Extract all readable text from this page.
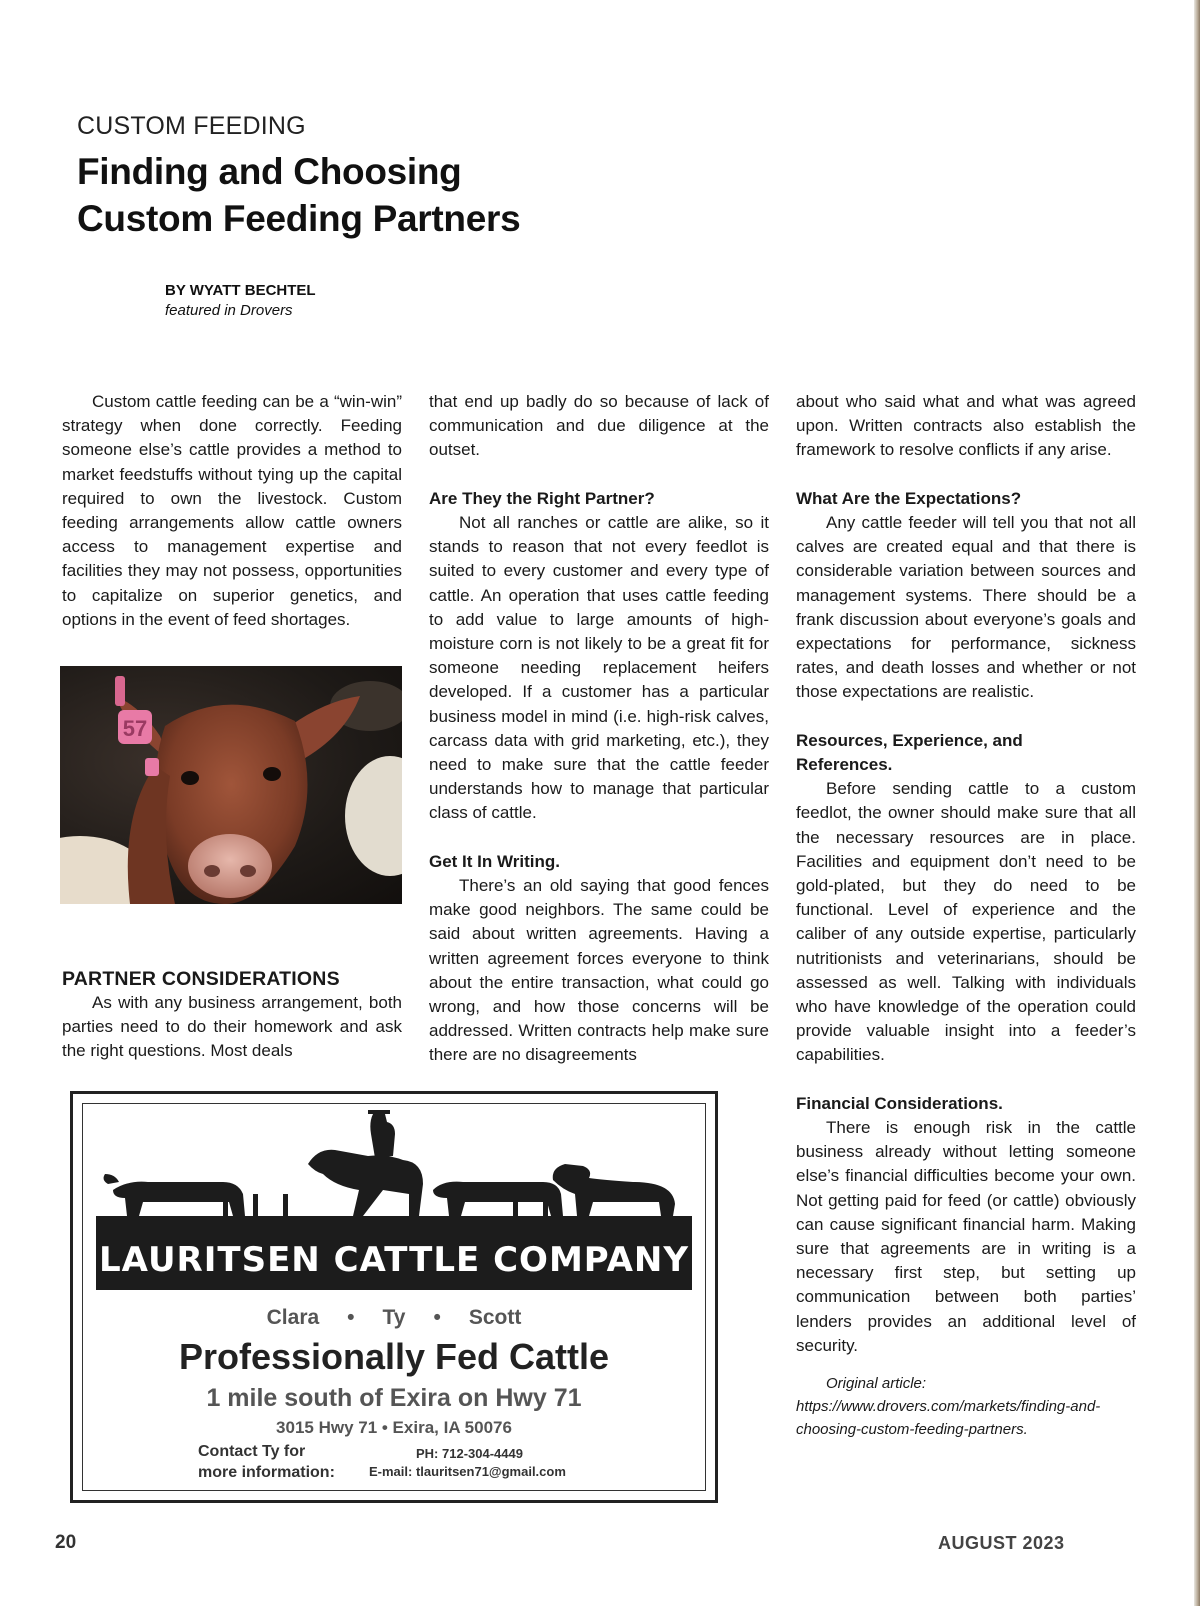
CUSTOM FEEDING
Finding and Choosing
Custom Feeding Partners
BY WYATT BECHTEL
featured in Drovers

Custom cattle feeding can be a “win-win” strategy when done correctly. Feeding someone else’s cattle provides a method to market feedstuffs without tying up the capital required to own the livestock. Custom feeding arrangements allow cattle owners access to management expertise and facilities they may not possess, opportunities to capitalize on superior genetics, and options in the event of feed shortages.

57

PARTNER CONSIDERATIONS

As with any business arrangement, both parties need to do their homework and ask the right questions. Most deals

that end up badly do so because of lack of communication and due diligence at the outset.

Are They the Right Partner?

Not all ranches or cattle are alike, so it stands to reason that not every feedlot is suited to every customer and every type of cattle. An operation that uses cattle feeding to add value to large amounts of high-moisture corn is not likely to be a great fit for someone needing replacement heifers developed. If a customer has a particular business model in mind (i.e. high-risk calves, carcass data with grid marketing, etc.), they need to make sure that the cattle feeder understands how to manage that particular class of cattle.

Get It In Writing.

There’s an old saying that good fences make good neighbors. The same could be said about written agreements. Having a written agreement forces everyone to think about the entire transaction, what could go wrong, and how those concerns will be addressed. Written contracts help make sure there are no disagreements

about who said what and what was agreed upon. Written contracts also establish the framework to resolve conflicts if any arise.

What Are the Expectations?

Any cattle feeder will tell you that not all calves are created equal and that there is considerable variation between sources and management systems. There should be a frank discussion about everyone’s goals and expectations for performance, sickness rates, and death losses and whether or not those expectations are realistic.

Resources, Experience, and

References.

Before sending cattle to a custom feedlot, the owner should make sure that all the necessary resources are in place. Facilities and equipment don’t need to be gold-plated, but they do need to be functional. Level of experience and the caliber of any outside expertise, particularly nutritionists and veterinarians, should be assessed as well. Talking with individuals who have knowledge of the operation could provide valuable insight into a feeder’s capabilities.

Financial Considerations.

There is enough risk in the cattle business already without letting someone else’s financial difficulties become your own. Not getting paid for feed (or cattle) obviously can cause significant financial harm. Making sure that agreements are in writing is a necessary first step, but setting up communication between both parties’ lenders provides an additional level of security.

Original article: https://www.drovers.com/markets/finding-and-choosing-custom-feeding-partners.

LAURITSEN CATTLE COMPANY
Clara • Ty • Scott
Professionally Fed Cattle
1 mile south of Exira on Hwy 71
3015 Hwy 71 • Exira, IA 50076
Contact Ty for
more information:
PH: 712-304-4449
E-mail: tlauritsen71@gmail.com
20	AUGUST 2023
